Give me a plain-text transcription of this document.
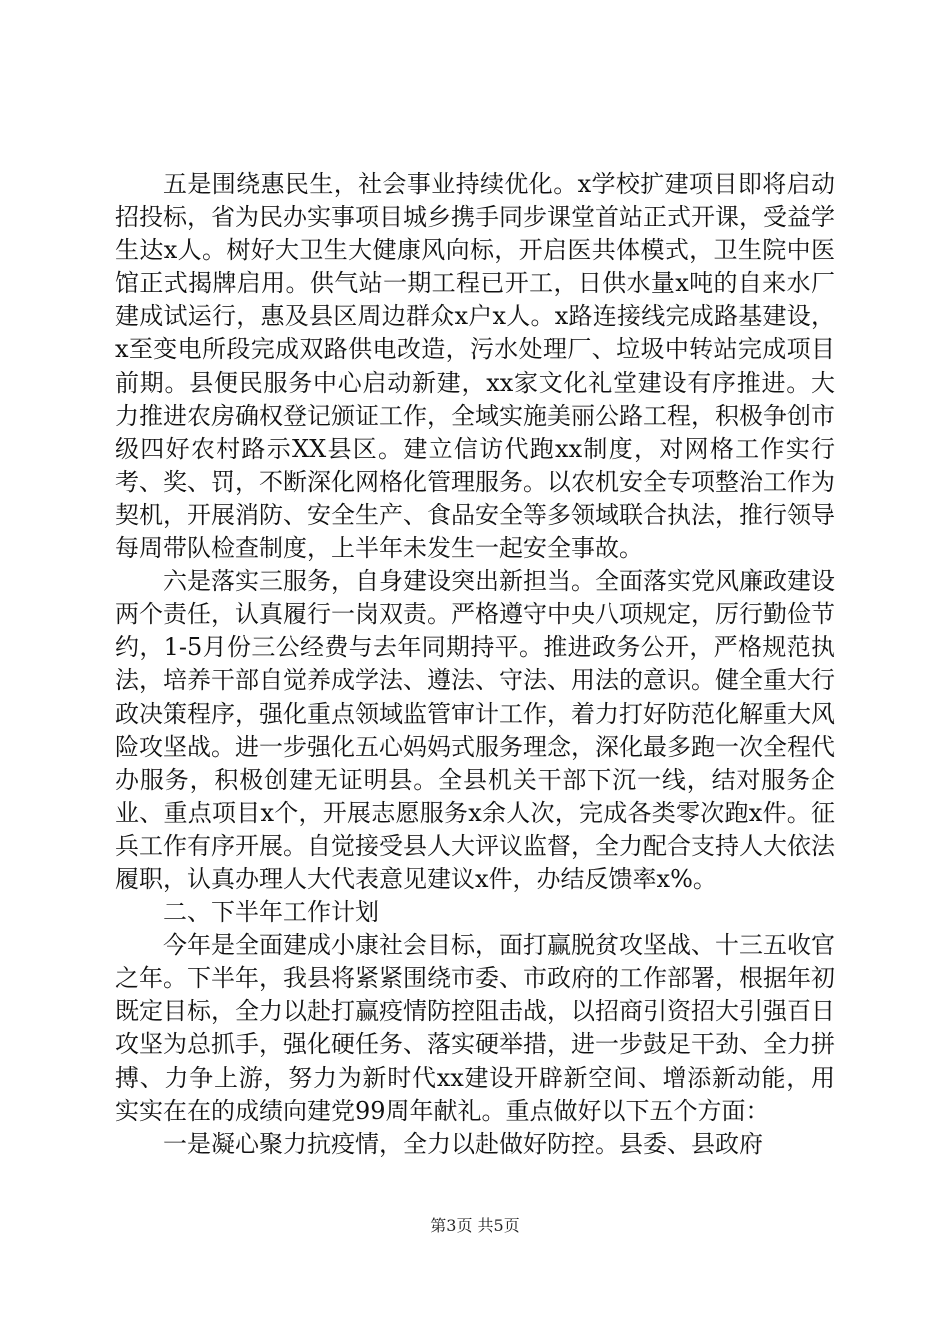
五是围绕惠民生，社会事业持续优化。x学校扩建项目即将启动招投标，省为民办实事项目城乡携手同步课堂首站正式开课，受益学生达x人。树好大卫生大健康风向标，开启医共体模式，卫生院中医馆正式揭牌启用。供气站一期工程已开工，日供水量x吨的自来水厂建成试运行，惠及县区周边群众x户x人。x路连接线完成路基建设，x至变电所段完成双路供电改造，污水处理厂、垃圾中转站完成项目前期。县便民服务中心启动新建，xx家文化礼堂建设有序推进。大力推进农房确权登记颁证工作，全域实施美丽公路工程，积极争创市级四好农村路示XX县区。建立信访代跑xx制度，对网格工作实行考、奖、罚，不断深化网格化管理服务。以农机安全专项整治工作为契机，开展消防、安全生产、食品安全等多领域联合执法，推行领导每周带队检查制度，上半年未发生一起安全事故。

六是落实三服务，自身建设突出新担当。全面落实党风廉政建设两个责任，认真履行一岗双责。严格遵守中央八项规定，厉行勤俭节约，1-5月份三公经费与去年同期持平。推进政务公开，严格规范执法，培养干部自觉养成学法、遵法、守法、用法的意识。健全重大行政决策程序，强化重点领域监管审计工作，着力打好防范化解重大风险攻坚战。进一步强化五心妈妈式服务理念，深化最多跑一次全程代办服务，积极创建无证明县。全县机关干部下沉一线，结对服务企业、重点项目x个，开展志愿服务x余人次，完成各类零次跑x件。征兵工作有序开展。自觉接受县人大评议监督，全力配合支持人大依法履职，认真办理人大代表意见建议x件，办结反馈率x%。

二、下半年工作计划

今年是全面建成小康社会目标，面打赢脱贫攻坚战、十三五收官之年。下半年，我县将紧紧围绕市委、市政府的工作部署，根据年初既定目标，全力以赴打赢疫情防控阻击战，以招商引资招大引强百日攻坚为总抓手，强化硬任务、落实硬举措，进一步鼓足干劲、全力拼搏、力争上游，努力为新时代xx建设开辟新空间、增添新动能，用实实在在的成绩向建党99周年献礼。重点做好以下五个方面：

一是凝心聚力抗疫情，全力以赴做好防控。县委、县政府

第3页 共5页
